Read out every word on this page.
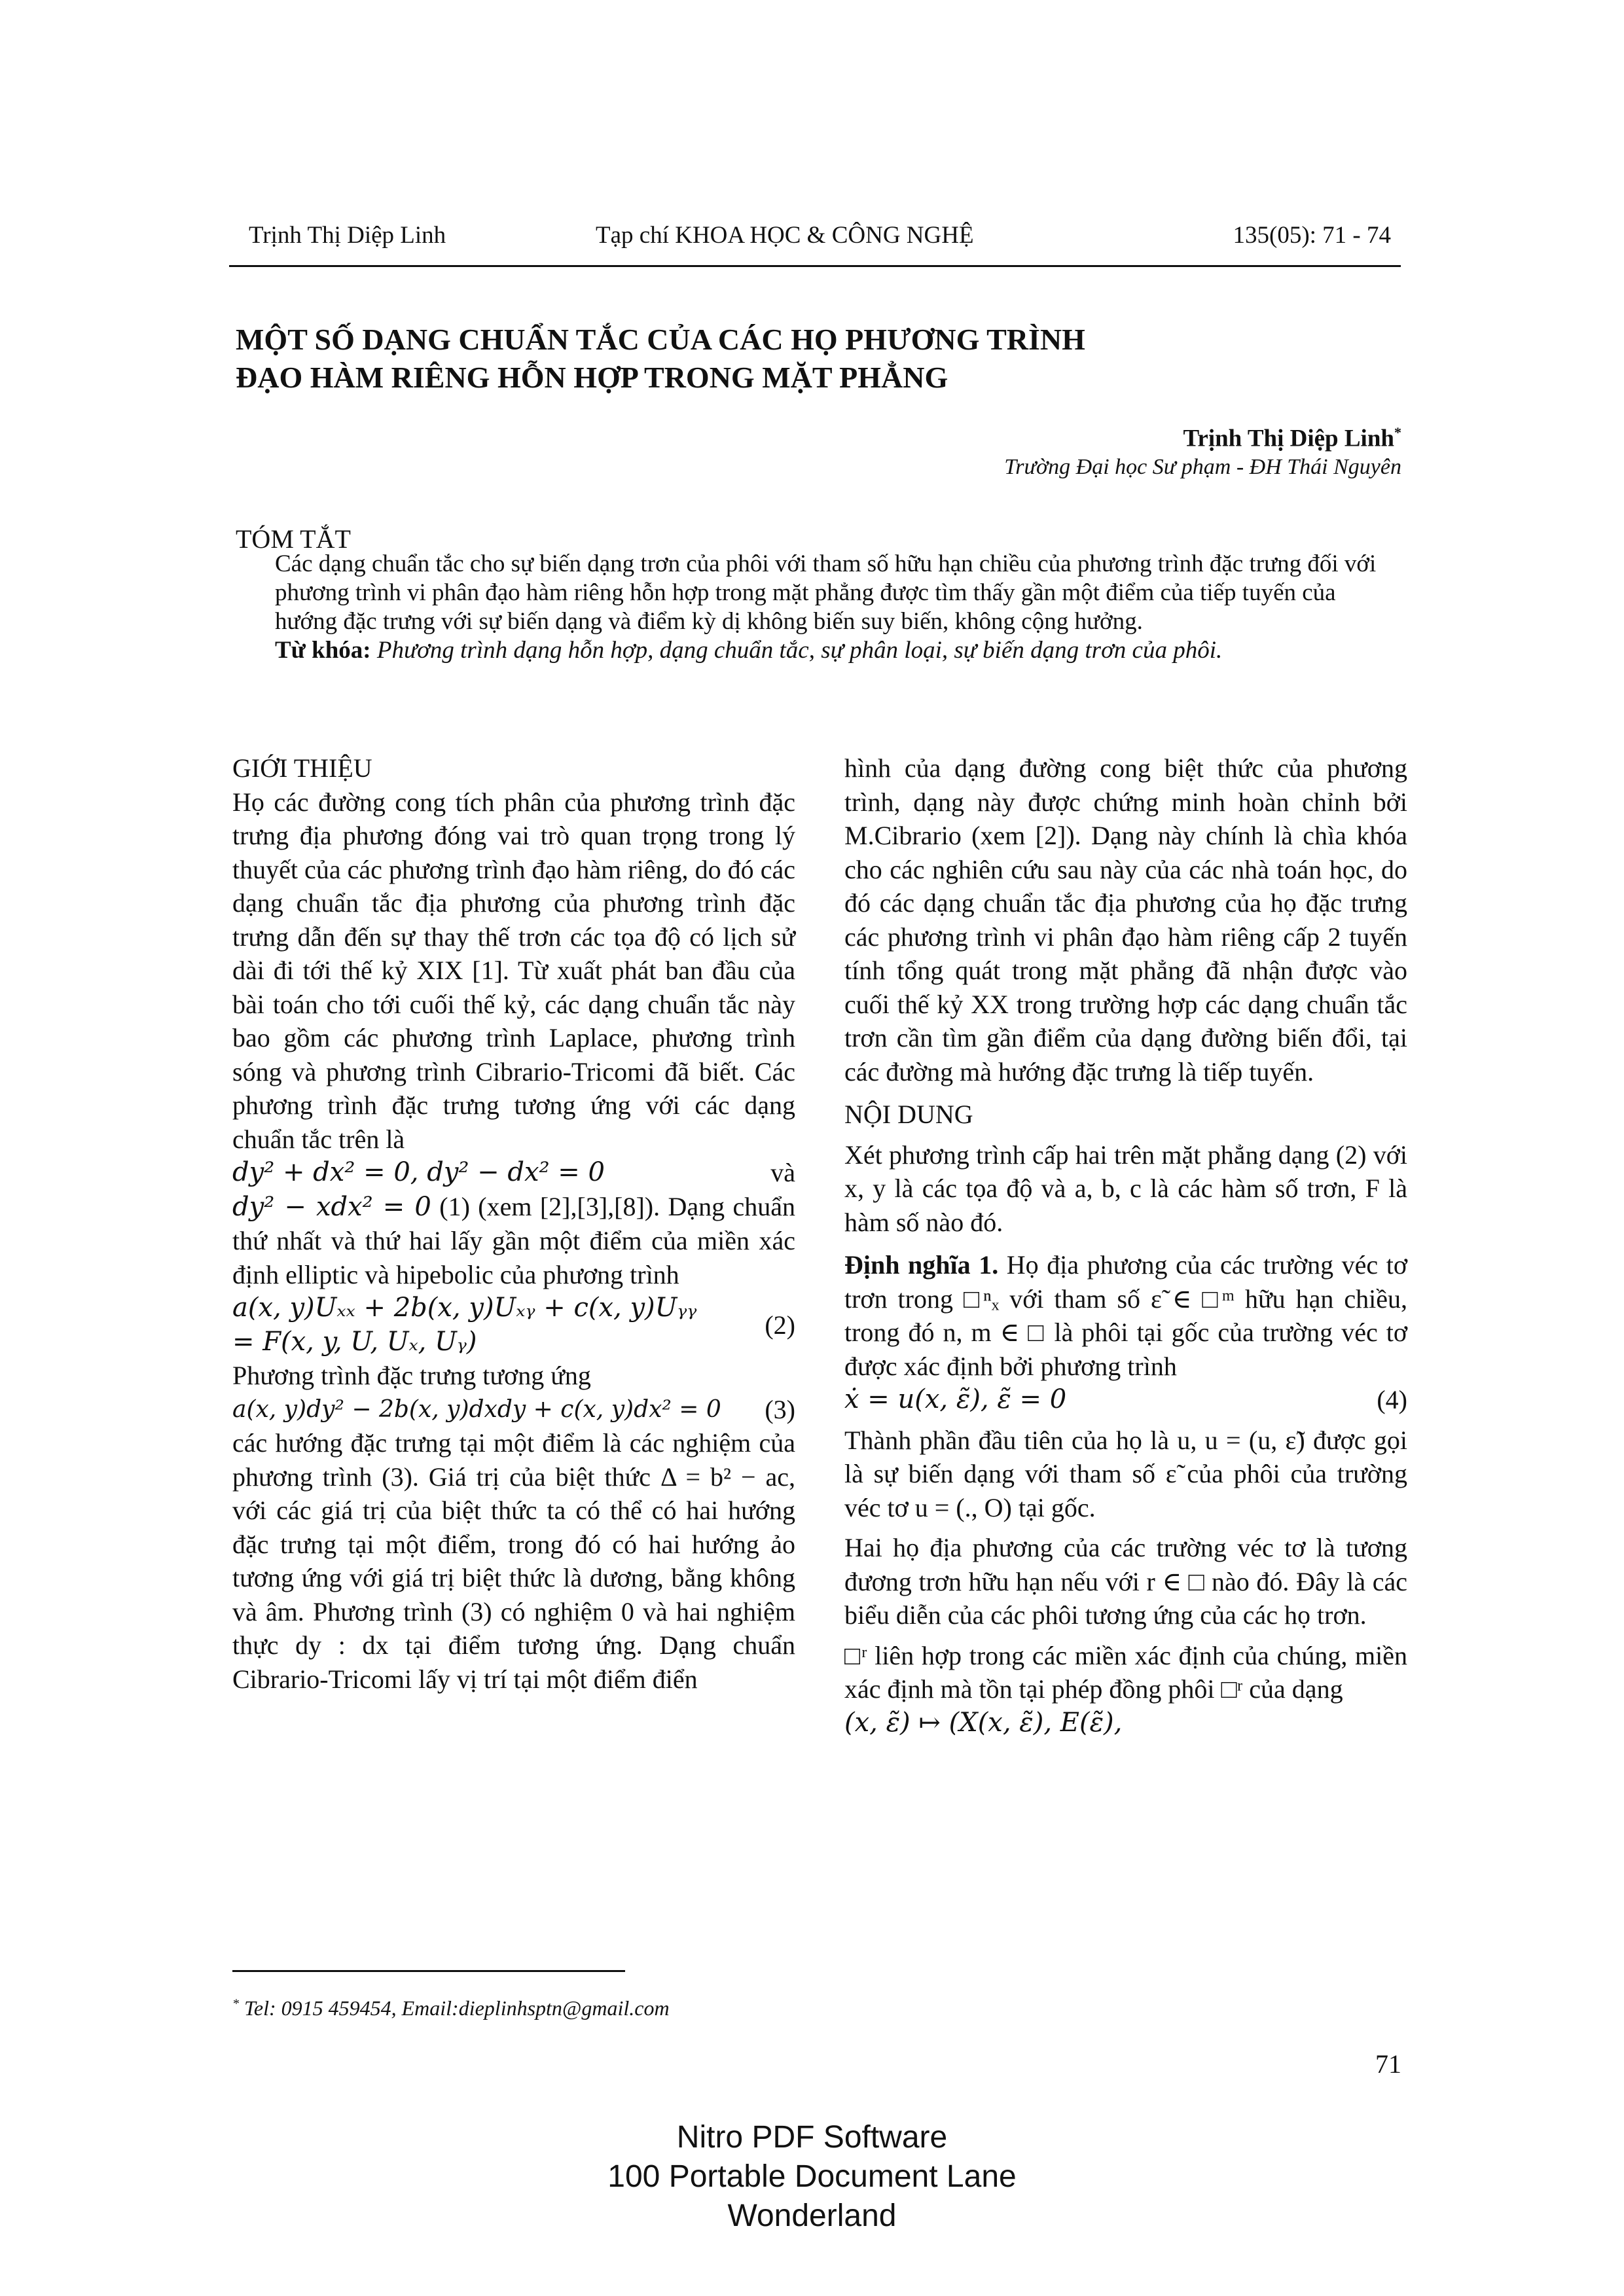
Trịnh Thị Diệp Linh	Tạp chí KHOA HỌC & CÔNG NGHỆ	135(05): 71 - 74
MỘT SỐ DẠNG CHUẨN TẮC CỦA CÁC HỌ PHƯƠNG TRÌNH
ĐẠO HÀM RIÊNG HỖN HỢP TRONG MẶT PHẲNG
Trịnh Thị Diệp Linh*
Trường Đại học Sư phạm - ĐH Thái Nguyên
TÓM TẮT

Các dạng chuẩn tắc cho sự biến dạng trơn của phôi với tham số hữu hạn chiều của phương trình đặc trưng đối với phương trình vi phân đạo hàm riêng hỗn hợp trong mặt phẳng được tìm thấy gần một điểm của tiếp tuyến của hướng đặc trưng với sự biến dạng và điểm kỳ dị không biến suy biến, không cộng hưởng.

Từ khóa: Phương trình dạng hỗn hợp, dạng chuẩn tắc, sự phân loại, sự biến dạng trơn của phôi.

GIỚI THIỆU

Họ các đường cong tích phân của phương trình đặc trưng địa phương đóng vai trò quan trọng trong lý thuyết của các phương trình đạo hàm riêng, do đó các dạng chuẩn tắc địa phương của phương trình đặc trưng dẫn đến sự thay thế trơn các tọa độ có lịch sử dài đi tới thế kỷ XIX [1]. Từ xuất phát ban đầu của bài toán cho tới cuối thế kỷ, các dạng chuẩn tắc này bao gồm các phương trình Laplace, phương trình sóng và phương trình Cibrario-Tricomi đã biết. Các phương trình đặc trưng tương ứng với các dạng chuẩn tắc trên là

dy² + dx² = 0, dy² − dx² = 0	và

dy² − xdx² = 0 (1) (xem [2],[3],[8]). Dạng chuẩn thứ nhất và thứ hai lấy gần một điểm của miền xác định elliptic và hipebolic của phương trình

a(x, y)Uₓₓ + 2b(x, y)Uₓᵧ + c(x, y)Uᵧᵧ
= F(x, y, U, Uₓ, Uᵧ)
(2)

Phương trình đặc trưng tương ứng

a(x, y)dy² − 2b(x, y)dxdy + c(x, y)dx² = 0 (3)

các hướng đặc trưng tại một điểm là các nghiệm của phương trình (3). Giá trị của biệt thức Δ = b² − ac, với các giá trị của biệt thức ta có thể có hai hướng đặc trưng tại một điểm, trong đó có hai hướng ảo tương ứng với giá trị biệt thức là dương, bằng không và âm. Phương trình (3) có nghiệm 0 và hai nghiệm thực dy : dx tại điểm tương ứng. Dạng chuẩn Cibrario-Tricomi lấy vị trí tại một điểm điển

hình của dạng đường cong biệt thức của phương trình, dạng này được chứng minh hoàn chỉnh bởi M.Cibrario (xem [2]). Dạng này chính là chìa khóa cho các nghiên cứu sau này của các nhà toán học, do đó các dạng chuẩn tắc địa phương của họ đặc trưng các phương trình vi phân đạo hàm riêng cấp 2 tuyến tính tổng quát trong mặt phẳng đã nhận được vào cuối thế kỷ XX trong trường hợp các dạng chuẩn tắc trơn cần tìm gần điểm của dạng đường biến đổi, tại các đường mà hướng đặc trưng là tiếp tuyến.

NỘI DUNG

Xét phương trình cấp hai trên mặt phẳng dạng (2) với x, y là các tọa độ và a, b, c là các hàm số trơn, F là hàm số nào đó.

Định nghĩa 1. Họ địa phương của các trường véc tơ trơn trong □ⁿₓ với tham số ε̃ ∈ □ᵐ hữu hạn chiều, trong đó n, m ∈ □ là phôi tại gốc của trường véc tơ được xác định bởi phương trình

ẋ = u(x, ε̃), ε̃ = 0	(4)

Thành phần đầu tiên của họ là u, u = (u, ε̃) được gọi là sự biến dạng với tham số ε̃ của phôi của trường véc tơ u = (., O) tại gốc.

Hai họ địa phương của các trường véc tơ là tương đương trơn hữu hạn nếu với r ∈ □ nào đó. Đây là các biểu diễn của các phôi tương ứng của các họ trơn.

□ʳ liên hợp trong các miền xác định của chúng, miền xác định mà tồn tại phép đồng phôi □ʳ của dạng

(x, ε̃) ↦ (X(x, ε̃), E(ε̃),
* Tel: 0915 459454, Email:dieplinhsptn@gmail.com
71
Nitro PDF Software
100 Portable Document Lane
Wonderland
